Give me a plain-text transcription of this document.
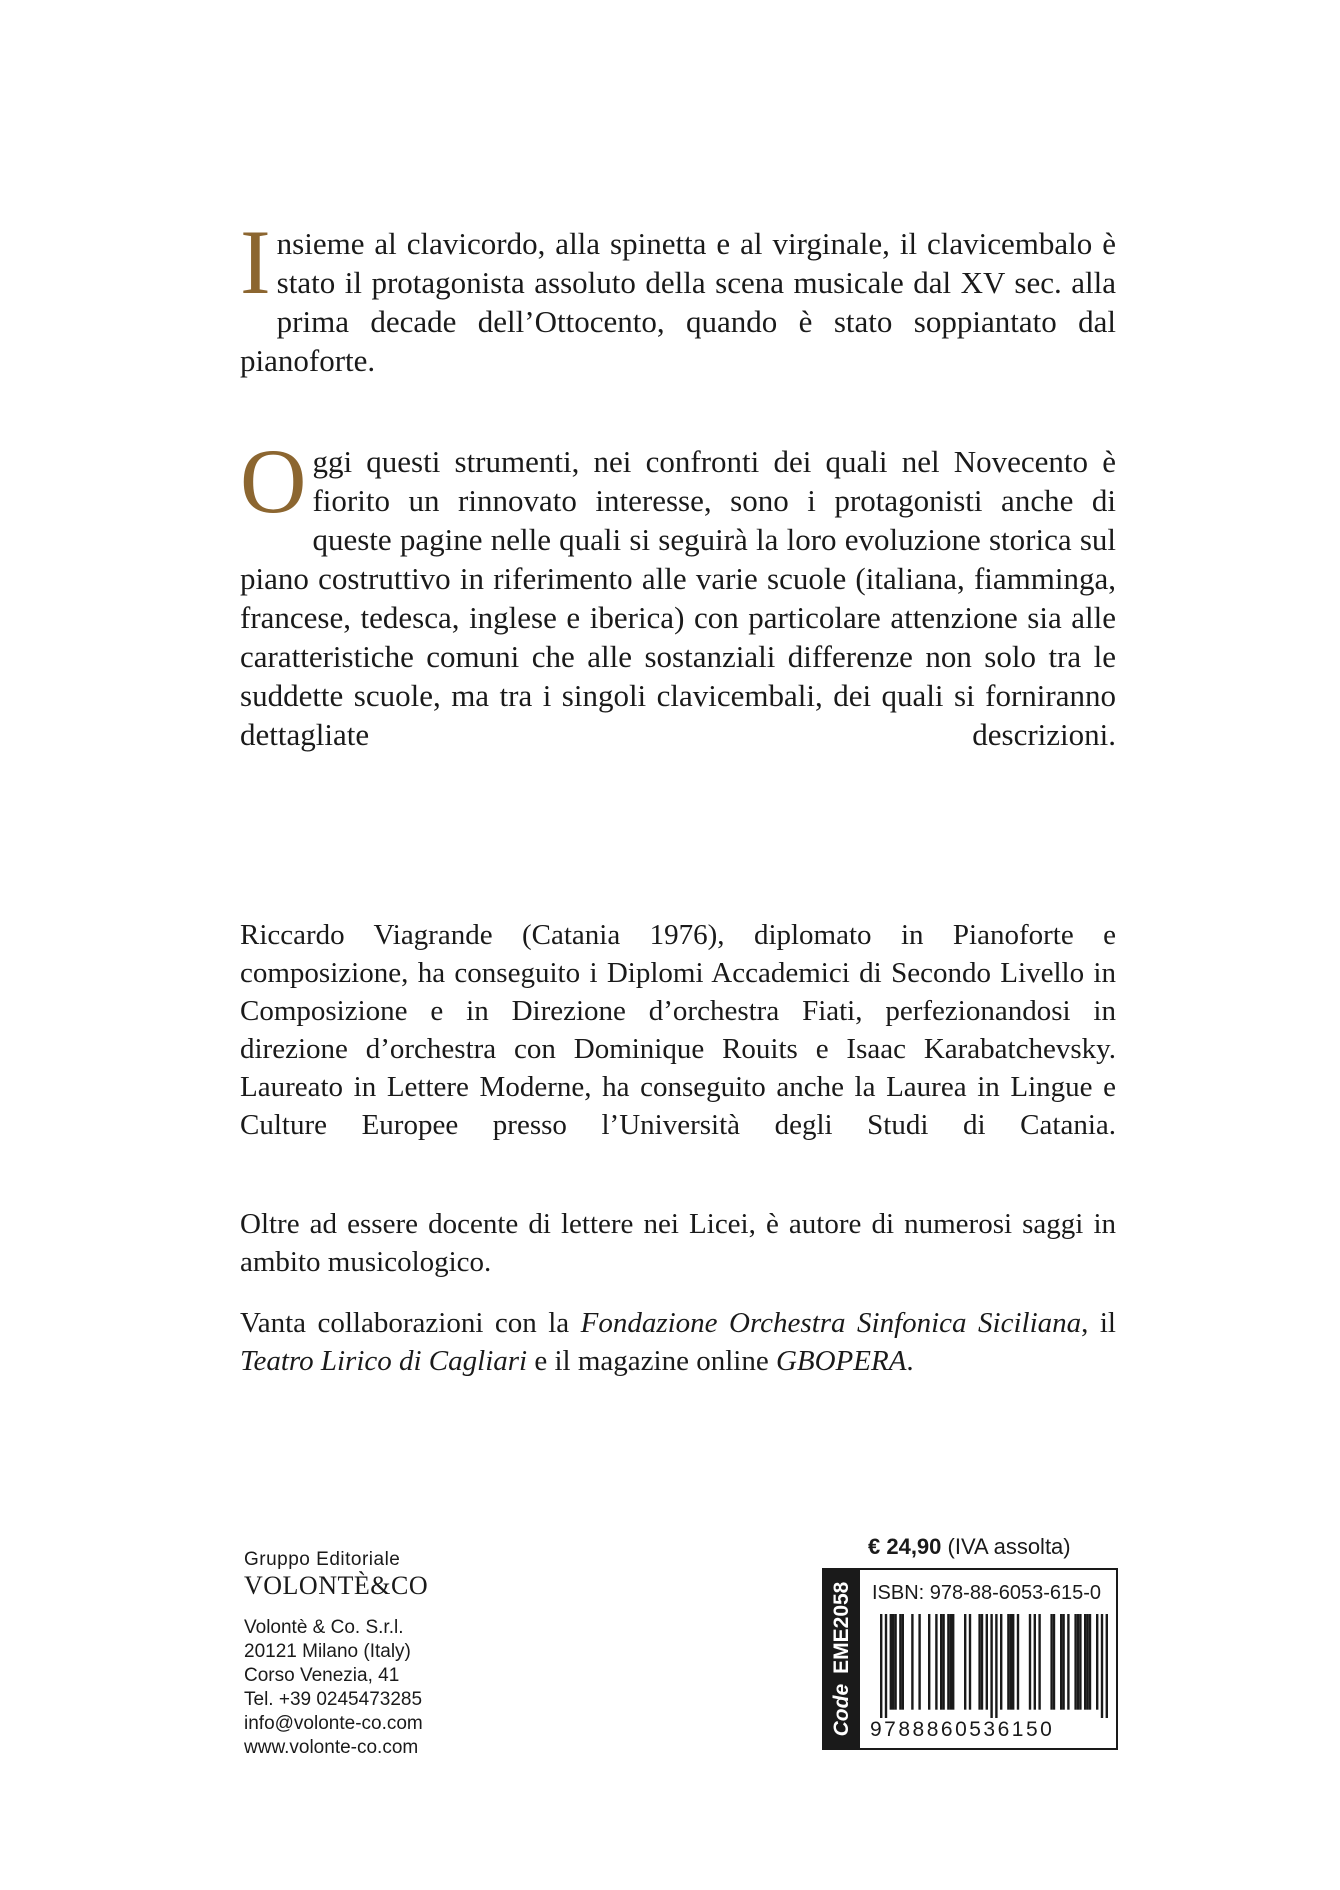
Insieme al clavicordo, alla spinetta e al virginale, il clavicembalo è stato il protagonista assoluto della scena musicale dal XV sec. alla prima decade dell’Ottocento, quando è stato soppiantato dal pianoforte.

Oggi questi strumenti, nei confronti dei quali nel Novecento è fiorito un rinnovato interesse, sono i protagonisti anche di queste pagine nelle quali si seguirà la loro evoluzione storica sul piano costruttivo in riferimento alle varie scuole (italiana, fiamminga, francese, tedesca, inglese e iberica) con particolare attenzione sia alle caratteristiche comuni che alle sostanziali differenze non solo tra le suddette scuole, ma tra i singoli clavicembali, dei quali si forniranno dettagliate descrizioni.

Riccardo Viagrande (Catania 1976), diplomato in Pianoforte e composizione, ha conseguito i Diplomi Accademici di Secondo Livello in Composizione e in Direzione d’orchestra Fiati, perfezionandosi in direzione d’orchestra con Dominique Rouits e Isaac Karabatchevsky. Laureato in Lettere Moderne, ha conseguito anche la Laurea in Lingue e Culture Europee presso l’Università degli Studi di Catania.

Oltre ad essere docente di lettere nei Licei, è autore di numerosi saggi in ambito musicologico.

Vanta collaborazioni con la Fondazione Orchestra Sinfonica Siciliana, il Teatro Lirico di Cagliari e il magazine online GBOPERA.

Gruppo Editoriale
VOLONTÈ&CO
Volontè & Co. S.r.l.
20121 Milano (Italy)
Corso Venezia, 41
Tel. +39 0245473285
info@volonte-co.com
www.volonte-co.com
€ 24,90 (IVA assolta)
CodeEME2058 ISBN: 978-88-6053-615-0
9788860536150
